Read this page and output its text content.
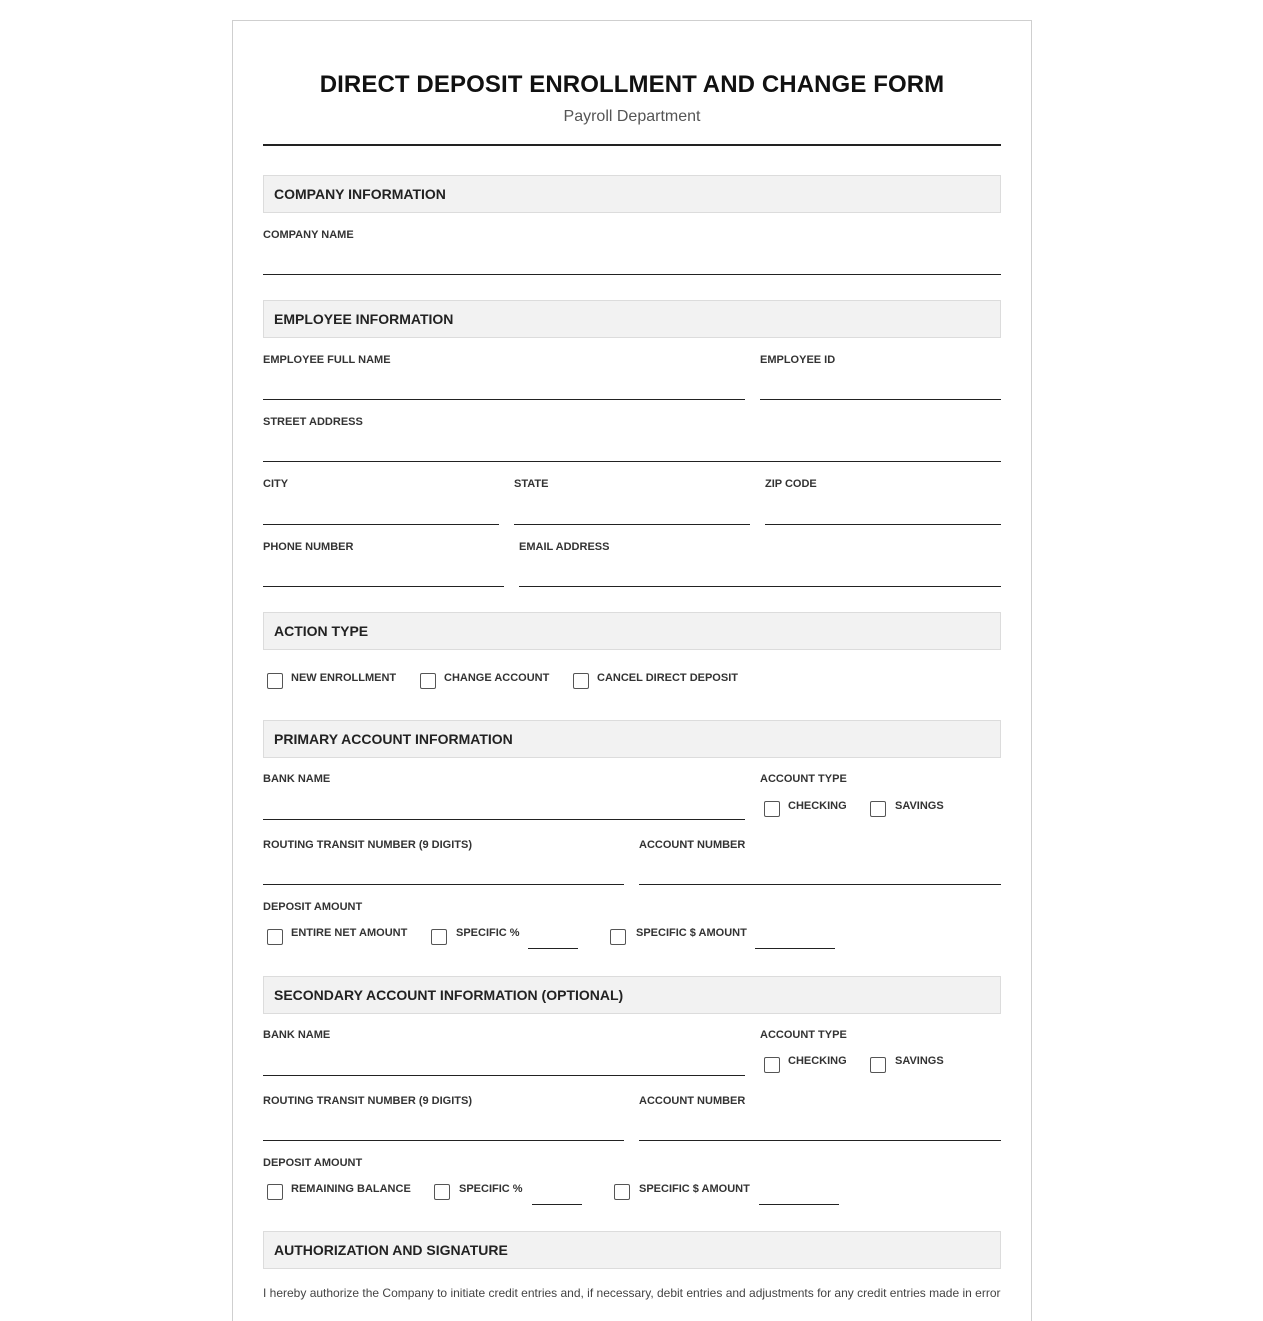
DIRECT DEPOSIT ENROLLMENT AND CHANGE FORM
Payroll Department
COMPANY INFORMATION
COMPANY NAME
EMPLOYEE INFORMATION
EMPLOYEE FULL NAME	EMPLOYEE ID
STREET ADDRESS
CITY	STATE	ZIP CODE
PHONE NUMBER	EMAIL ADDRESS
ACTION TYPE
NEW ENROLLMENT	CHANGE ACCOUNT	CANCEL DIRECT DEPOSIT
PRIMARY ACCOUNT INFORMATION
BANK NAME	ACCOUNT TYPE
CHECKING	SAVINGS
ROUTING TRANSIT NUMBER (9 DIGITS)	ACCOUNT NUMBER
DEPOSIT AMOUNT
ENTIRE NET AMOUNT	SPECIFIC %	SPECIFIC $ AMOUNT
SECONDARY ACCOUNT INFORMATION (OPTIONAL)
BANK NAME	ACCOUNT TYPE
CHECKING	SAVINGS
ROUTING TRANSIT NUMBER (9 DIGITS)	ACCOUNT NUMBER
DEPOSIT AMOUNT
REMAINING BALANCE	SPECIFIC %	SPECIFIC $ AMOUNT
AUTHORIZATION AND SIGNATURE
I hereby authorize the Company to initiate credit entries and, if necessary, debit entries and adjustments for any credit entries made in error
